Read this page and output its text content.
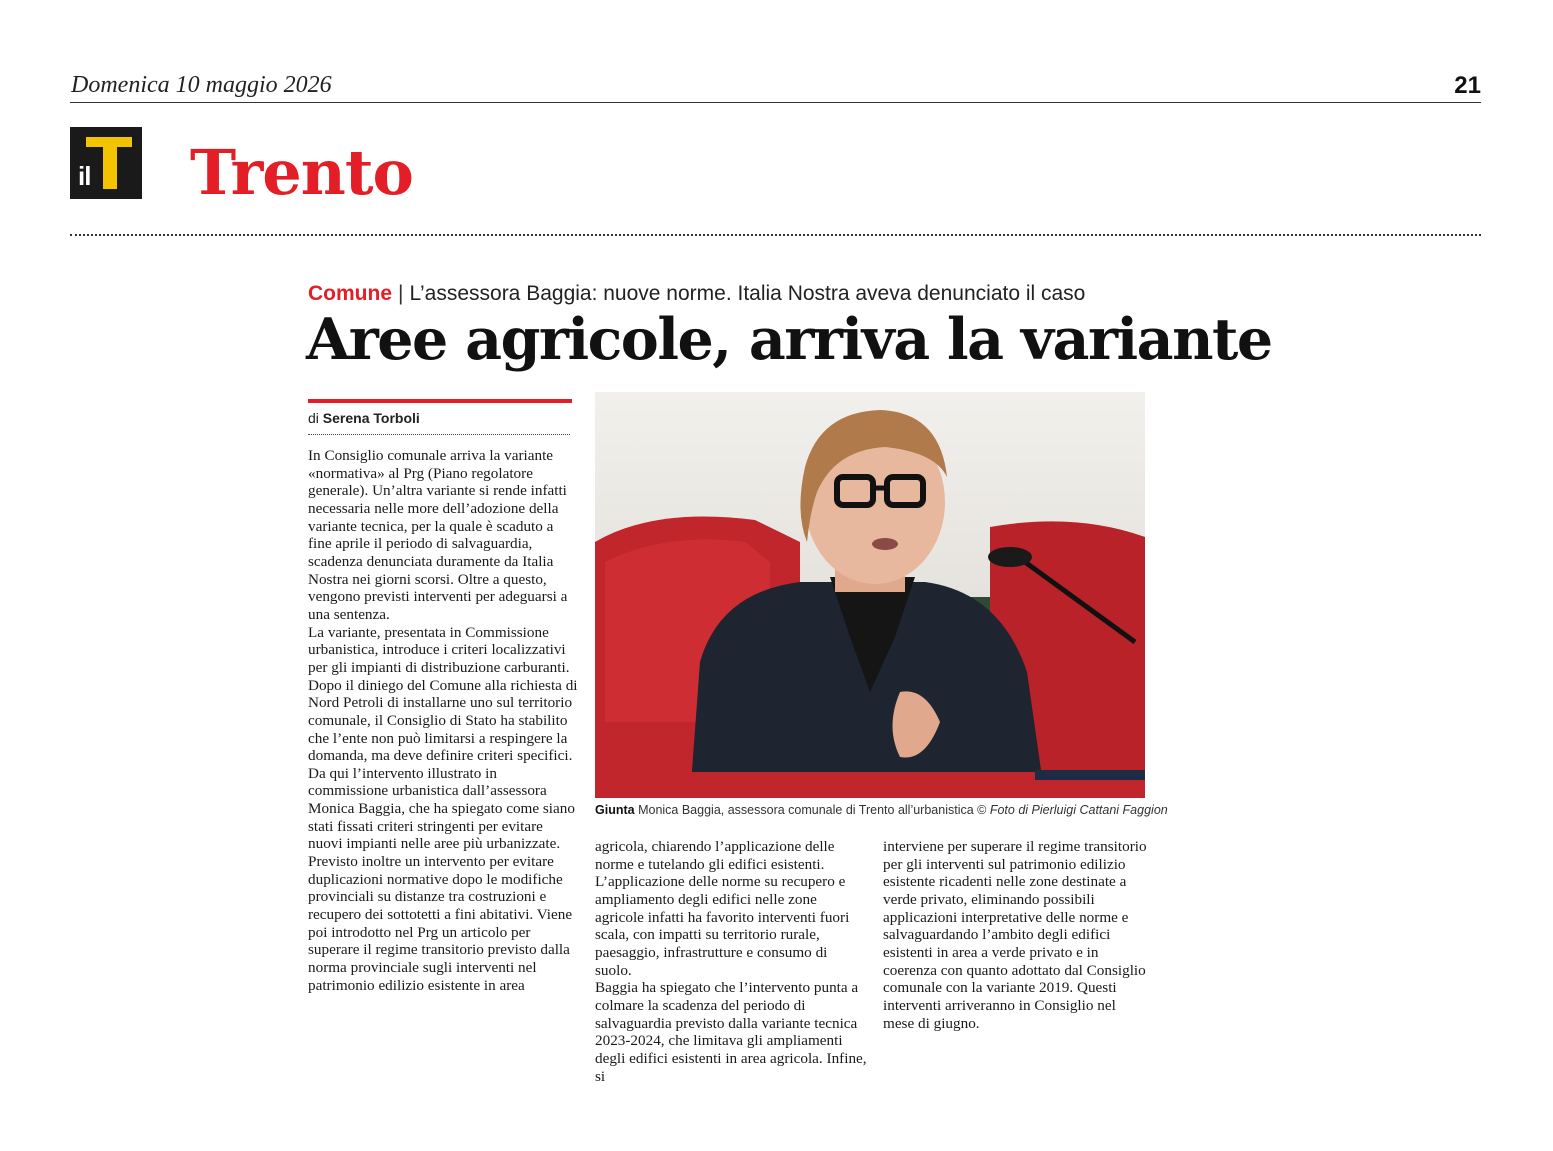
Domenica 10 maggio 2026	21
il Trento
Comune | L’assessora Baggia: nuove norme. Italia Nostra aveva denunciato il caso
Aree agricole, arriva la variante
di Serena Torboli

In Consiglio comunale arriva la variante «normativa» al Prg (Piano regolatore generale). Un’altra variante si rende infatti necessaria nelle more dell’adozione della variante tecnica, per la quale è scaduto a fine aprile il periodo di salvaguardia, scadenza denunciata duramente da Italia Nostra nei giorni scorsi. Oltre a questo, vengono previsti interventi per adeguarsi a una sentenza.

La variante, presentata in Commissione urbanistica, introduce i criteri localizzativi per gli impianti di distribuzione carburanti. Dopo il diniego del Comune alla richiesta di Nord Petroli di installarne uno sul territorio comunale, il Consiglio di Stato ha stabilito che l’ente non può limitarsi a respingere la domanda, ma deve definire criteri specifici. Da qui l’intervento illustrato in commissione urbanistica dall’assessora Monica Baggia, che ha spiegato come siano stati fissati criteri stringenti per evitare nuovi impianti nelle aree più urbanizzate. Previsto inoltre un intervento per evitare duplicazioni normative dopo le modifiche provinciali su distanze tra costruzioni e recupero dei sottotetti a fini abitativi. Viene poi introdotto nel Prg un articolo per superare il regime transitorio previsto dalla norma provinciale sugli interventi nel patrimonio edilizio esistente in area

Giunta Monica Baggia, assessora comunale di Trento all’urbanistica © Foto di Pierluigi Cattani Faggion

agricola, chiarendo l’applicazione delle norme e tutelando gli edifici esistenti. L’applicazione delle norme su recupero e ampliamento degli edifici nelle zone agricole infatti ha favorito interventi fuori scala, con impatti su territorio rurale, paesaggio, infrastrutture e consumo di suolo.

Baggia ha spiegato che l’intervento punta a colmare la scadenza del periodo di salvaguardia previsto dalla variante tecnica 2023-2024, che limitava gli ampliamenti degli edifici esistenti in area agricola. Infine, si

interviene per superare il regime transitorio per gli interventi sul patrimonio edilizio esistente ricadenti nelle zone destinate a verde privato, eliminando possibili applicazioni interpretative delle norme e salvaguardando l’ambito degli edifici esistenti in area a verde privato e in coerenza con quanto adottato dal Consiglio comunale con la variante 2019. Questi interventi arriveranno in Consiglio nel mese di giugno.
